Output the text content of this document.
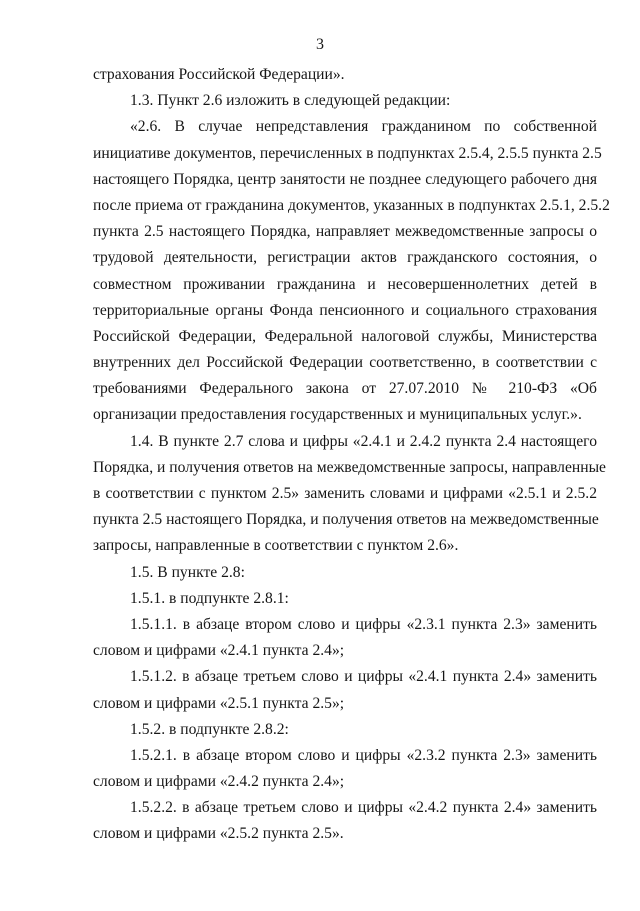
3
страхования Российской Федерации».
1.3. Пункт 2.6 изложить в следующей редакции:
«2.6. В случае непредставления гражданином по собственной
инициативе документов, перечисленных в подпунктах 2.5.4, 2.5.5 пункта 2.5
настоящего Порядка, центр занятости не позднее следующего рабочего дня
после приема от гражданина документов, указанных в подпунктах 2.5.1, 2.5.2
пункта 2.5 настоящего Порядка, направляет межведомственные запросы о
трудовой деятельности, регистрации актов гражданского состояния, о
совместном проживании гражданина и несовершеннолетних детей в
территориальные органы Фонда пенсионного и социального страхования
Российской Федерации, Федеральной налоговой службы, Министерства
внутренних дел Российской Федерации соответственно, в соответствии с
требованиями Федерального закона от 27.07.2010 № 210-ФЗ «Об
организации предоставления государственных и муниципальных услуг.».
1.4. В пункте 2.7 слова и цифры «2.4.1 и 2.4.2 пункта 2.4 настоящего
Порядка, и получения ответов на межведомственные запросы, направленные
в соответствии с пунктом 2.5» заменить словами и цифрами «2.5.1 и 2.5.2
пункта 2.5 настоящего Порядка, и получения ответов на межведомственные
запросы, направленные в соответствии с пунктом 2.6».
1.5. В пункте 2.8:
1.5.1. в подпункте 2.8.1:
1.5.1.1. в абзаце втором слово и цифры «2.3.1 пункта 2.3» заменить
словом и цифрами «2.4.1 пункта 2.4»;
1.5.1.2. в абзаце третьем слово и цифры «2.4.1 пункта 2.4» заменить
словом и цифрами «2.5.1 пункта 2.5»;
1.5.2. в подпункте 2.8.2:
1.5.2.1. в абзаце втором слово и цифры «2.3.2 пункта 2.3» заменить
словом и цифрами «2.4.2 пункта 2.4»;
1.5.2.2. в абзаце третьем слово и цифры «2.4.2 пункта 2.4» заменить
словом и цифрами «2.5.2 пункта 2.5».
